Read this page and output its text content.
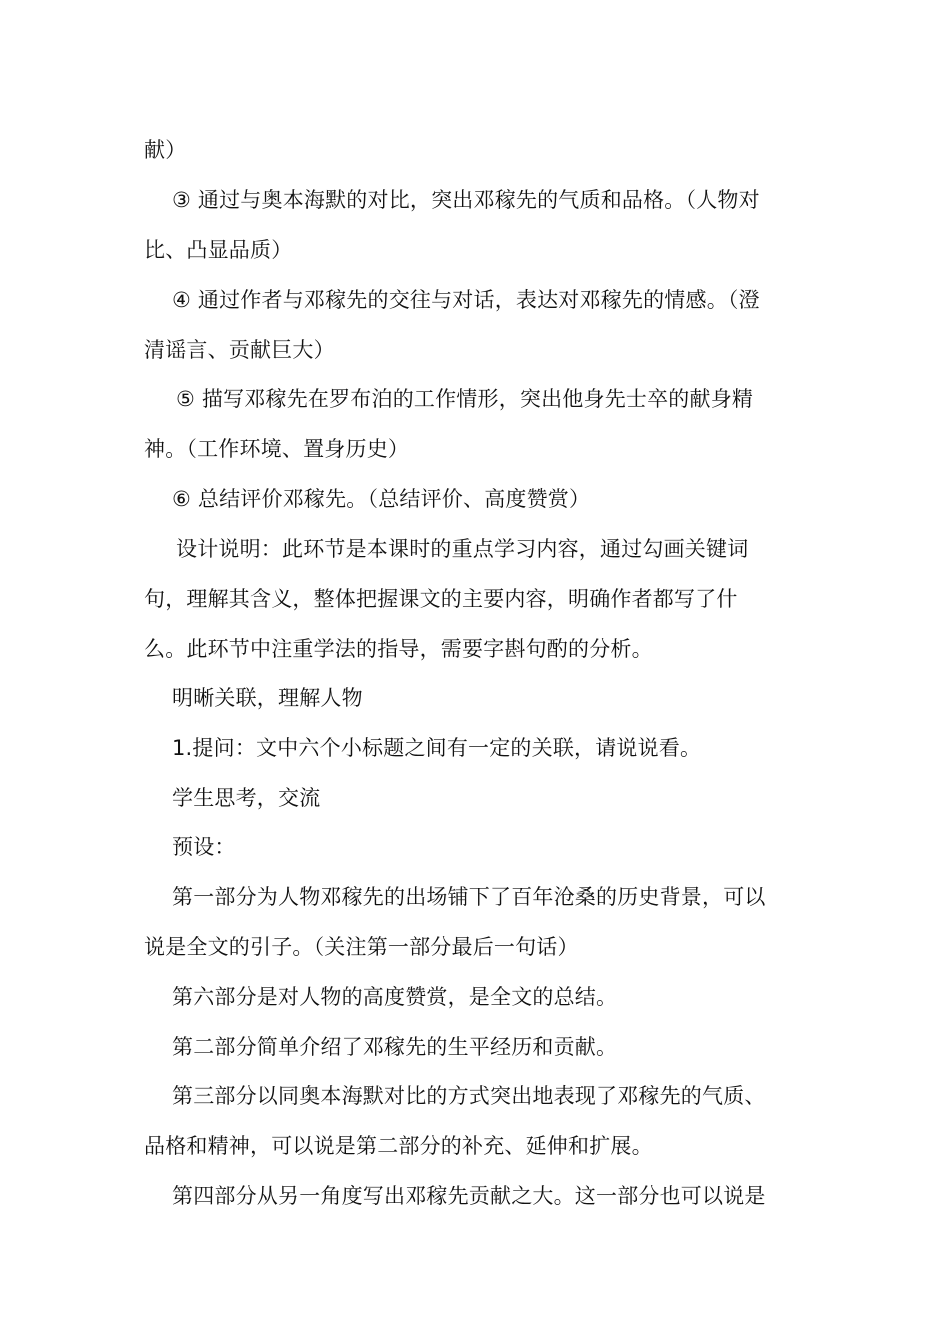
献）
③ 通过与奥本海默的对比，突出邓稼先的气质和品格。（人物对
比、凸显品质）
④ 通过作者与邓稼先的交往与对话，表达对邓稼先的情感。（澄
清谣言、贡献巨大）
⑤ 描写邓稼先在罗布泊的工作情形，突出他身先士卒的献身精
神。（工作环境、置身历史）
⑥ 总结评价邓稼先。（总结评价、高度赞赏）
设计说明：此环节是本课时的重点学习内容，通过勾画关键词
句，理解其含义，整体把握课文的主要内容，明确作者都写了什
么。此环节中注重学法的指导，需要字斟句酌的分析。
明晰关联，理解人物
1.提问：文中六个小标题之间有一定的关联，请说说看。
学生思考，交流
预设：
第一部分为人物邓稼先的出场铺下了百年沧桑的历史背景，可以
说是全文的引子。（关注第一部分最后一句话）
第六部分是对人物的高度赞赏，是全文的总结。
第二部分简单介绍了邓稼先的生平经历和贡献。
第三部分以同奥本海默对比的方式突出地表现了邓稼先的气质、
品格和精神，可以说是第二部分的补充、延伸和扩展。
第四部分从另一角度写出邓稼先贡献之大。这一部分也可以说是
